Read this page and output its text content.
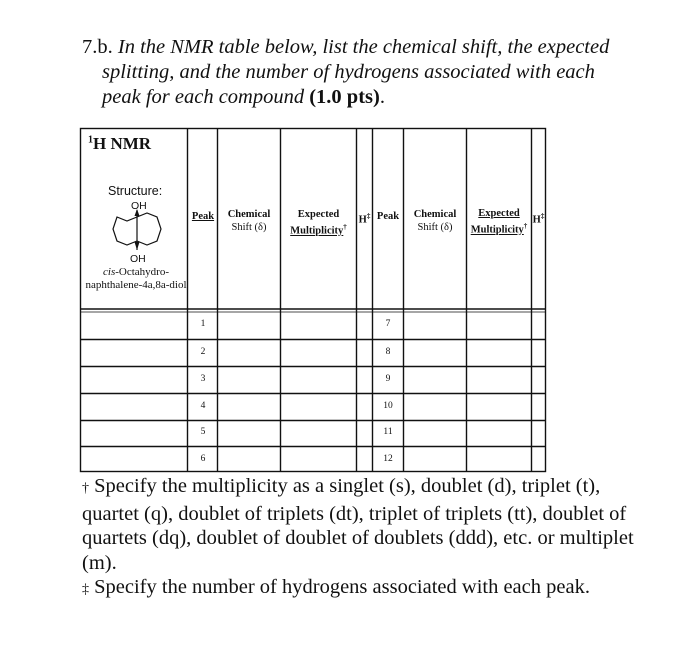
7.b. In the NMR table below, list the chemical shift, the expected
splitting, and the number of hydrogens associated with each
peak for each compound (1.0 pts).
$^1$H NMR
Structure:
OH
OH
cis-Octahydro-naphthalene-4a,8a-diol
Peak	Chemical
Shift (δ)
Expected
Multiplicity†
H‡ Peak	Chemical
Shift (δ)
Expected
Multiplicity†
H‡
1
2
3
4
5
6
7
8
9
10
11
12
† Specify the multiplicity as a singlet (s), doublet (d), triplet (t), quartet (q), doublet of triplets (dt), triplet of triplets (tt), doublet of quartets (dq), doublet of doublet of doublets (ddd), etc. or multiplet (m).
‡ Specify the number of hydrogens associated with each peak.
